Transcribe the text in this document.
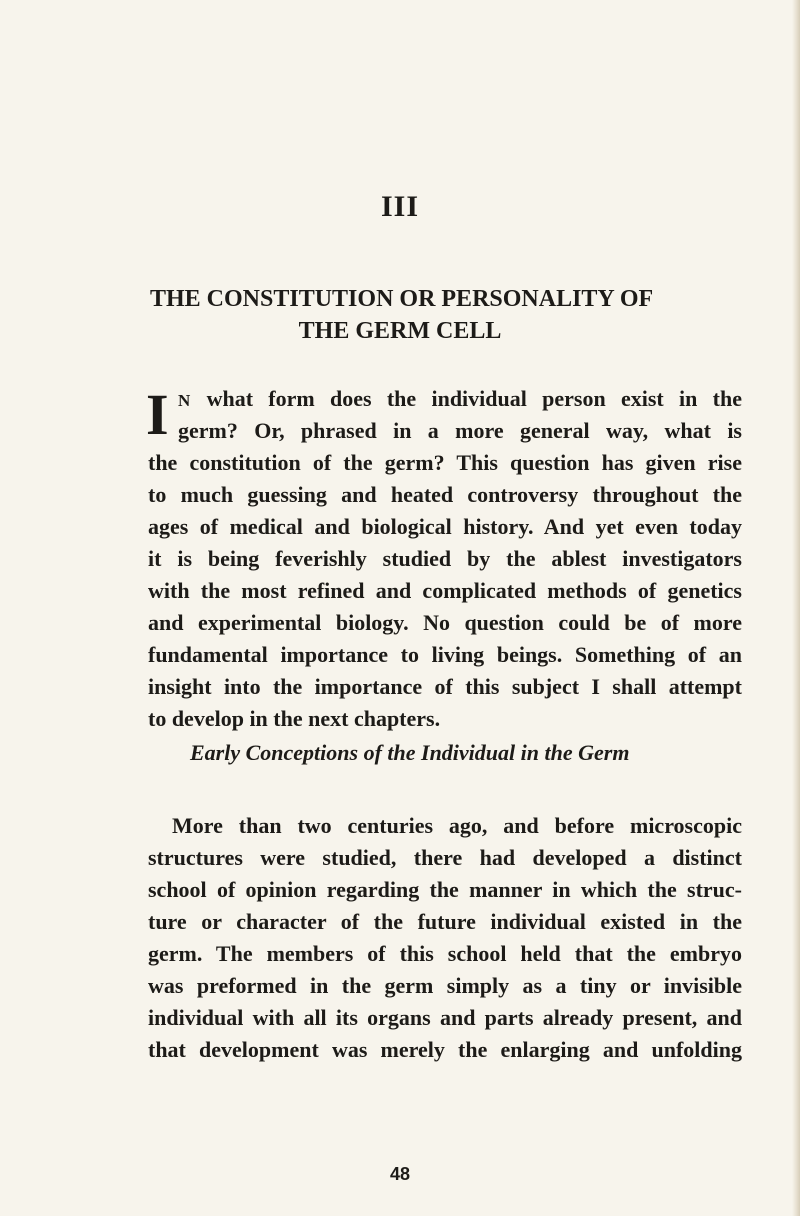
III
THE CONSTITUTION OR PERSONALITY OF
THE GERM CELL
I N what form does the individual person exist in the
germ? Or, phrased in a more general way, what is
the constitution of the germ? This question has given rise
to much guessing and heated controversy throughout the
ages of medical and biological history. And yet even today
it is being feverishly studied by the ablest investigators
with the most refined and complicated methods of genetics
and experimental biology. No question could be of more
fundamental importance to living beings. Something of an
insight into the importance of this subject I shall attempt
to develop in the next chapters.
Early Conceptions of the Individual in the Germ
More than two centuries ago, and before microscopic
structures were studied, there had developed a distinct
school of opinion regarding the manner in which the struc-
ture or character of the future individual existed in the
germ. The members of this school held that the embryo
was preformed in the germ simply as a tiny or invisible
individual with all its organs and parts already present, and
that development was merely the enlarging and unfolding
48
